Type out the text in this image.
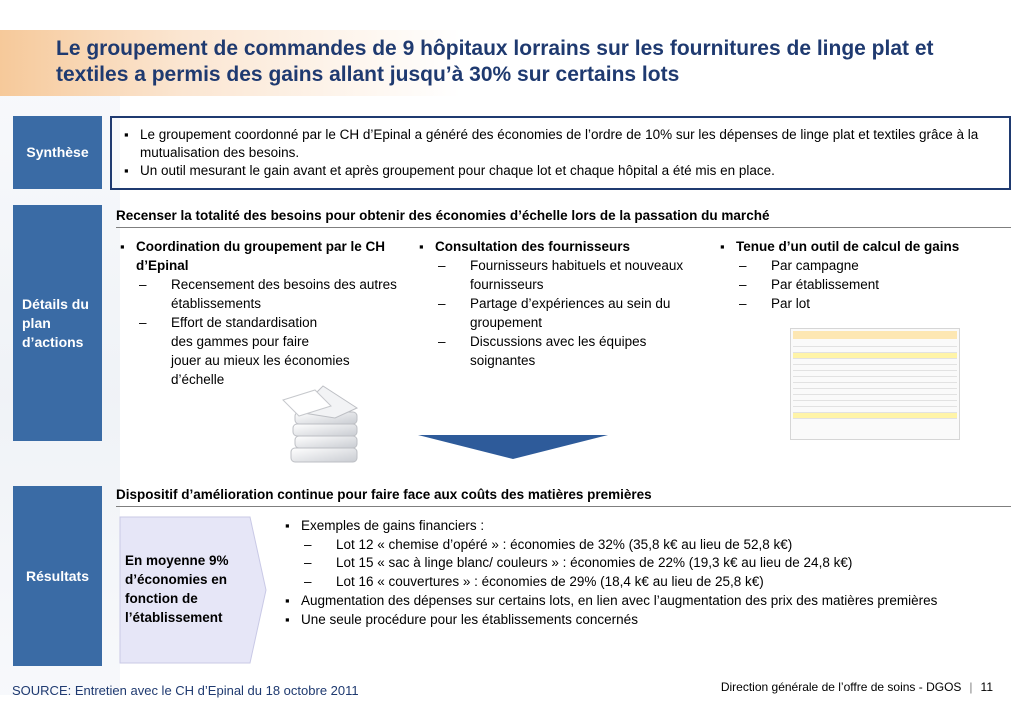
Le groupement de commandes de 9 hôpitaux lorrains sur les fournitures de linge plat et textiles a permis des gains allant jusqu’à 30% sur certains lots
Synthèse
▪ Le groupement coordonné par le CH d’Epinal a généré des économies de l’ordre de 10% sur les dépenses de linge plat et textiles grâce à la mutualisation des besoins.
▪ Un outil mesurant le gain avant et après groupement pour chaque lot et chaque hôpital a été mis en place.
Détails du plan d’actions
Recenser la totalité des besoins pour obtenir des économies d’échelle lors de la passation du marché
▪ Coordination du groupement par le CH d’Epinal
– Recensement des besoins des autres établissements
– Effort de standardisation
des gammes pour faire
jouer au mieux les économies
d’échelle
▪ Consultation des fournisseurs
– Fournisseurs habituels et nouveaux fournisseurs
– Partage d’expériences au sein du groupement
– Discussions avec les équipes soignantes
▪ Tenue d’un outil de calcul de gains
– Par campagne
– Par établissement
– Par lot
Résultats
Dispositif d’amélioration continue pour faire face aux coûts des matières premières
En moyenne 9% d’économies en fonction de l’établissement
▪ Exemples de gains financiers :
– Lot 12 « chemise d’opéré » : économies de 32% (35,8 k€ au lieu de 52,8 k€)
– Lot 15 « sac à linge blanc/ couleurs » : économies de 22% (19,3 k€ au lieu de 24,8 k€)
– Lot 16 « couvertures » : économies de 29% (18,4 k€ au lieu de 25,8 k€)
▪ Augmentation des dépenses sur certains lots, en lien avec l’augmentation des prix des matières premières
▪ Une seule procédure pour les établissements concernés
SOURCE: Entretien avec le CH d’Epinal du 18 octobre 2011	Direction générale de l’offre de soins - DGOS | 11
